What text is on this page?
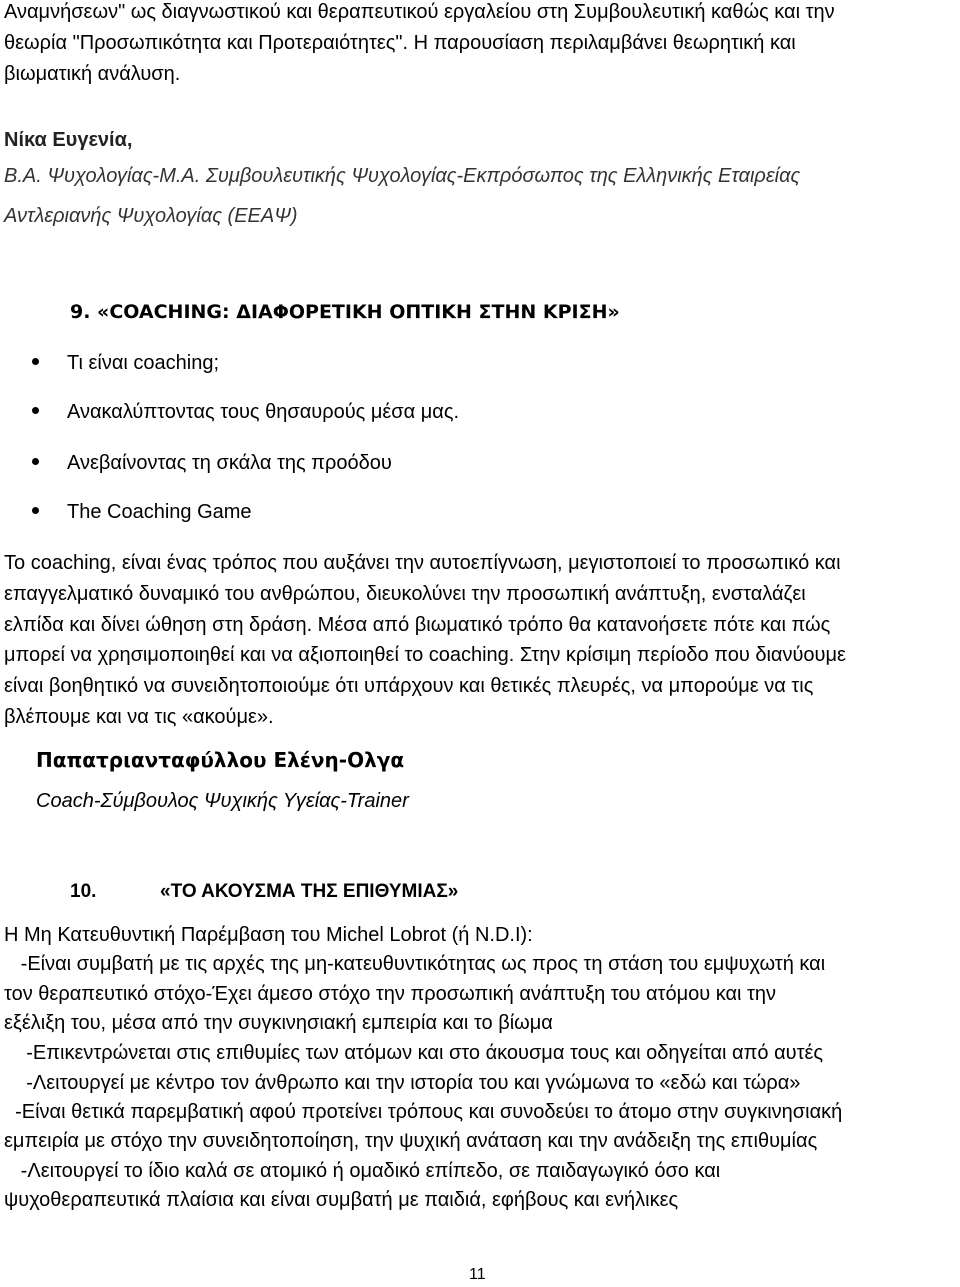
Αναμνήσεων" ως διαγνωστικού και θεραπευτικού εργαλείου στη Συμβουλευτική καθώς και την
θεωρία "Προσωπικότητα και Προτεραιότητες". Η παρουσίαση περιλαμβάνει θεωρητική και
βιωματική ανάλυση.
Νίκα Ευγενία,
Β.Α. Ψυχολογίας-Μ.Α. Συμβουλευτικής Ψυχολογίας-Εκπρόσωπος της Ελληνικής Εταιρείας
Αντλεριανής Ψυχολογίας (ΕΕΑΨ)
9. «COACHING: ΔΙΑΦΟΡΕΤΙΚΗ ΟΠΤΙΚΗ ΣΤΗΝ ΚΡΙΣΗ»
Τι είναι coaching;
Ανακαλύπτοντας τους θησαυρούς μέσα μας.
Ανεβαίνοντας τη σκάλα της προόδου
The Coaching Game
Το coaching, είναι ένας τρόπος που αυξάνει την αυτοεπίγνωση, μεγιστοποιεί το προσωπικό και
επαγγελματικό δυναμικό του ανθρώπου, διευκολύνει την προσωπική ανάπτυξη, ενσταλάζει
ελπίδα και δίνει ώθηση στη δράση. Μέσα από βιωματικό τρόπο θα κατανοήσετε πότε και πώς
μπορεί να χρησιμοποιηθεί και να αξιοποιηθεί το coaching. Στην κρίσιμη περίοδο που διανύουμε
είναι βοηθητικό να συνειδητοποιούμε ότι υπάρχουν και θετικές πλευρές, να μπορούμε να τις
βλέπουμε και να τις «ακούμε».
Παπατριανταφύλλου Ελένη-Ολγα
Coach-Σύμβουλος Ψυχικής Υγείας-Trainer
10.	«ΤΟ ΑΚΟΥΣΜΑ ΤΗΣ ΕΠΙΘΥΜΙΑΣ»
Η Μη Κατευθυντική Παρέμβαση του Michel Lobrot (ή N.D.I):
-Είναι συμβατή με τις αρχές της μη-κατευθυντικότητας ως προς τη στάση του εμψυχωτή και
τον θεραπευτικό στόχο-Έχει άμεσο στόχο την προσωπική ανάπτυξη του ατόμου και την
εξέλιξη του, μέσα από την συγκινησιακή εμπειρία και το βίωμα
-Επικεντρώνεται στις επιθυμίες των ατόμων και στο άκουσμα τους και οδηγείται από αυτές
-Λειτουργεί με κέντρο τον άνθρωπο και την ιστορία του και γνώμωνα το «εδώ και τώρα»
-Είναι θετικά παρεμβατική αφού προτείνει τρόπους και συνοδεύει το άτομο στην συγκινησιακή
εμπειρία με στόχο την συνειδητοποίηση, την ψυχική ανάταση και την ανάδειξη της επιθυμίας
-Λειτουργεί το ίδιο καλά σε ατομικό ή ομαδικό επίπεδο, σε παιδαγωγικό όσο και
ψυχοθεραπευτικά πλαίσια και είναι συμβατή με παιδιά, εφήβους και ενήλικες
11
